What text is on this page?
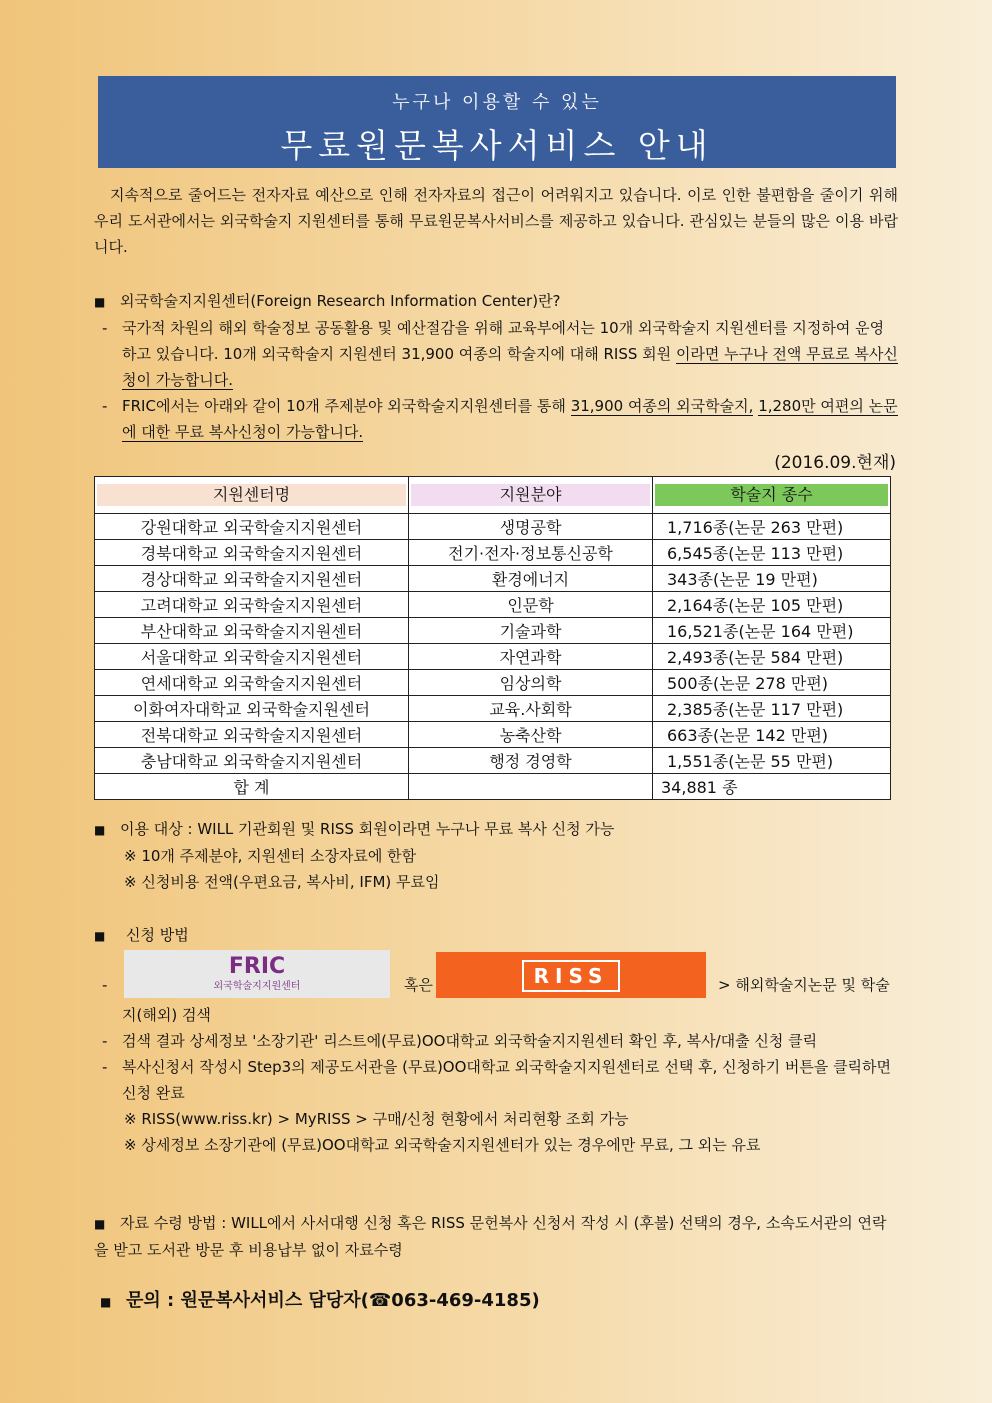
누구나 이용할 수 있는
무료원문복사서비스 안내
지속적으로 줄어드는 전자자료 예산으로 인해 전자자료의 접근이 어려워지고 있습니다. 이로 인한 불편함을 줄이기 위해 우리 도서관에서는 외국학술지 지원센터를 통해 무료원문복사서비스를 제공하고 있습니다. 관심있는 분들의 많은 이용 바랍니다.
■ 외국학술지지원센터(Foreign Research Information Center)란?
- 국가적 차원의 해외 학술정보 공동활용 및 예산절감을 위해 교육부에서는 10개 외국학술지 지원센터를 지정하여 운영하고 있습니다. 10개 외국학술지 지원센터 31,900 여종의 학술지에 대해 RISS 회원 이라면 누구나 전액 무료로 복사신청이 가능합니다.
- FRIC에서는 아래와 같이 10개 주제분야 외국학술지지원센터를 통해 31,900 여종의 외국학술지, 1,280만 여편의 논문에 대한 무료 복사신청이 가능합니다.
(2016.09.현재)
지원센터명	지원분야	학술지 종수

강원대학교 외국학술지지원센터	생명공학	1,716종(논문 263 만편)
경북대학교 외국학술지지원센터	전기·전자·정보통신공학	6,545종(논문 113 만편)
경상대학교 외국학술지지원센터	환경에너지	343종(논문 19 만편)
고려대학교 외국학술지지원센터	인문학	2,164종(논문 105 만편)
부산대학교 외국학술지지원센터	기술과학	16,521종(논문 164 만편)
서울대학교 외국학술지지원센터	자연과학	2,493종(논문 584 만편)
연세대학교 외국학술지지원센터	임상의학	500종(논문 278 만편)
이화여자대학교 외국학술지원센터	교육.사회학	2,385종(논문 117 만편)
전북대학교 외국학술지지원센터	농축산학	663종(논문 142 만편)
충남대학교 외국학술지지원센터	행정 경영학	1,551종(논문 55 만편)
합 계		34,881 종
■ 이용 대상 : WILL 기관회원 및 RISS 회원이라면 누구나 무료 복사 신청 가능
※ 10개 주제분야, 지원센터 소장자료에 한함
※ 신청비용 전액(우편요금, 복사비, IFM) 무료임
■ 신청 방법
-	혹은	> 해외학술지논문 및 학술
FRIC
외국학술지지원센터	RISS
지(해외) 검색
- 검색 결과 상세정보 '소장기관' 리스트에(무료)OO대학교 외국학술지지원센터 확인 후, 복사/대출 신청 클릭
- 복사신청서 작성시 Step3의 제공도서관을 (무료)OO대학교 외국학술지지원센터로 선택 후, 신청하기 버튼을 클릭하면 신청 완료
※ RISS(www.riss.kr) > MyRISS > 구매/신청 현황에서 처리현황 조회 가능
※ 상세정보 소장기관에 (무료)OO대학교 외국학술지지원센터가 있는 경우에만 무료, 그 외는 유료
■ 자료 수령 방법 : WILL에서 사서대행 신청 혹은 RISS 문헌복사 신청서 작성 시 (후불) 선택의 경우, 소속도서관의 연락을 받고 도서관 방문 후 비용납부 없이 자료수령
■ 문의 : 원문복사서비스 담당자(☎063-469-4185)
